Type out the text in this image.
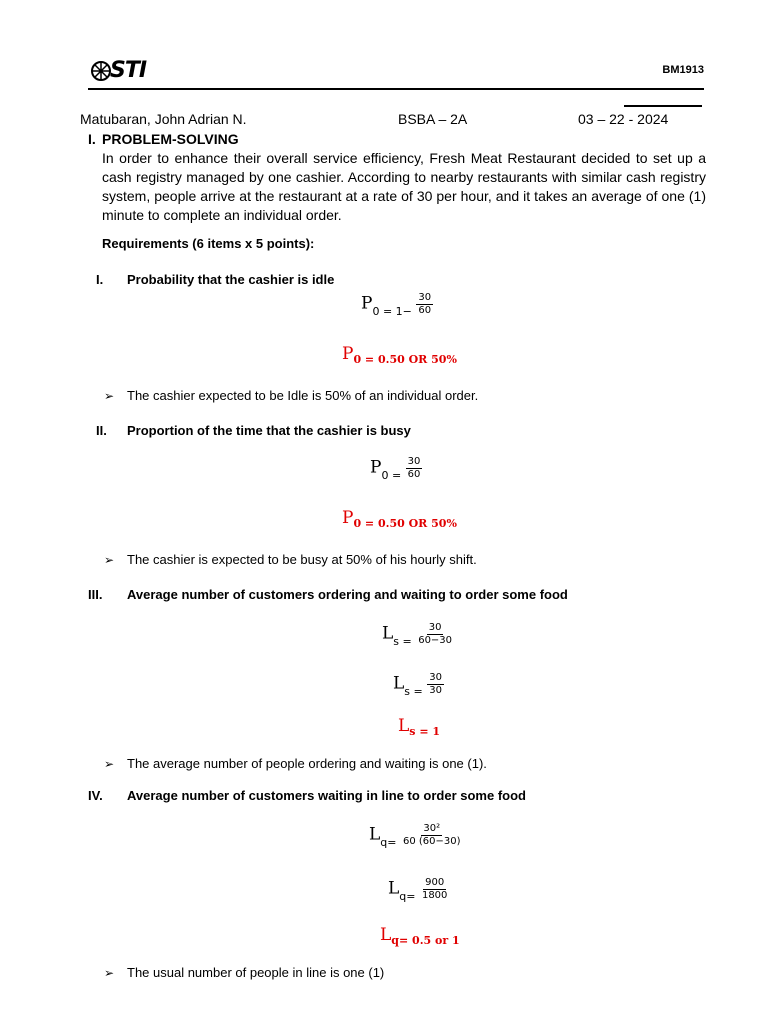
STI	BM1913
Matubaran, John Adrian N.	BSBA – 2A	03 – 22 - 2024
I. PROBLEM-SOLVING
In order to enhance their overall service efficiency, Fresh Meat Restaurant decided to set up a cash registry managed by one cashier. According to nearby restaurants with similar cash registry system, people arrive at the restaurant at a rate of 30 per hour, and it takes an average of one (1) minute to complete an individual order.
Requirements (6 items x 5 points):
I. Probability that the cashier is idle
$P_{0 = 1-} \frac{30}{60}$
$P_{0 = 0.50 OR 50\%}$
➢ The cashier expected to be Idle is 50% of an individual order.
II. Proportion of the time that the cashier is busy
$P_{0 =} \frac{30}{60}$
$P_{0 = 0.50 OR 50\%}$
➢ The cashier is expected to be busy at 50% of his hourly shift.
III. Average number of customers ordering and waiting to order some food
$L_{s =} \frac{30}{60-30}$
$L_{s =} \frac{30}{30}$
$L_{s = 1}$
➢ The average number of people ordering and waiting is one (1).
IV. Average number of customers waiting in line to order some food
$L_{q=} \frac{\text{30²}}{60 (60-30)}$
$L_{q=} \frac{900}{1800}$
$L_{q= 0.5 or 1}$
➢ The usual number of people in line is one (1)
